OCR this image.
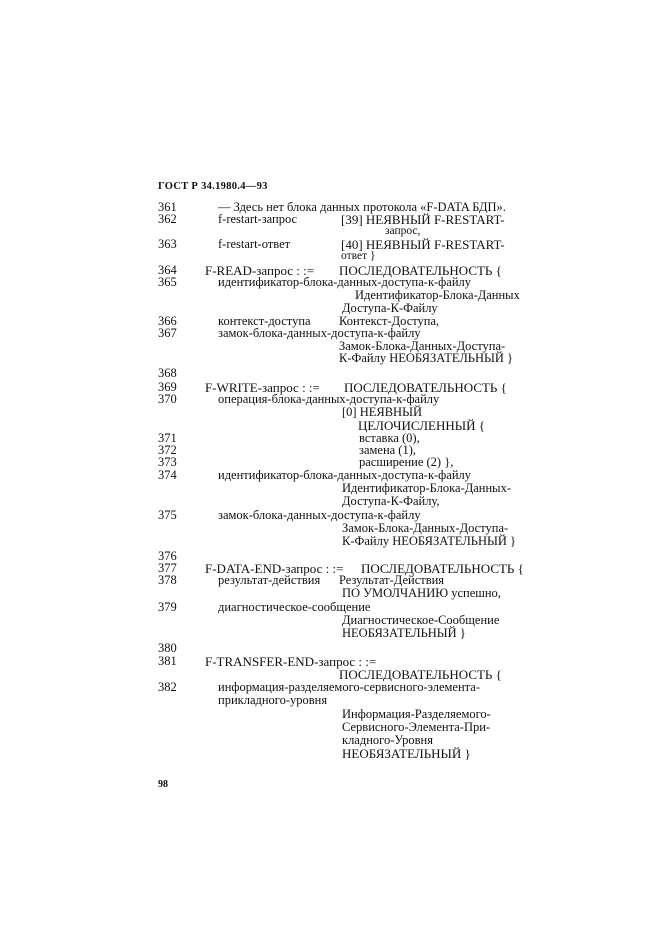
ГОСТ Р 34.1980.4—93
361	— Здесь нет блока данных протокола «F-DATA БДП».
362	f-restart-запрос	[39] НЕЯВНЫЙ F-RESTART-
запрос,
363	f-restart-ответ	[40] НЕЯВНЫЙ F-RESTART-
ответ }
364 F-READ-запрос : := ПОСЛЕДОВАТЕЛЬНОСТЬ {
365	идентификатор-блока-данных-доступа-к-файлу
Идентификатор-Блока-Данных
Доступа-К-Файлу
366	контекст-доступа Контекст-Доступа,
367	замок-блока-данных-доступа-к-файлу
Замок-Блока-Данных-Доступа-
К-Файлу НЕОБЯЗАТЕЛЬНЫЙ }
368
369 F-WRITE-запрос : := ПОСЛЕДОВАТЕЛЬНОСТЬ {
370	операция-блока-данных-доступа-к-файлу
[0] НЕЯВНЫЙ
ЦЕЛОЧИСЛЕННЫЙ {
371	вставка (0),
372	замена (1),
373	расширение (2) },
374	идентификатор-блока-данных-доступа-к-файлу
Идентификатор-Блока-Данных-
Доступа-К-Файлу,
375	замок-блока-данных-доступа-к-файлу
Замок-Блока-Данных-Доступа-
К-Файлу НЕОБЯЗАТЕЛЬНЫЙ }
376
377 F-DATA-END-запрос : := ПОСЛЕДОВАТЕЛЬНОСТЬ {
378	результат-действия Результат-Действия
ПО УМОЛЧАНИЮ успешно,
379	диагностическое-сообщение
Диагностическое-Сообщение
НЕОБЯЗАТЕЛЬНЫЙ }
380
381 F-TRANSFER-END-запрос : :=
ПОСЛЕДОВАТЕЛЬНОСТЬ {
382	информация-разделяемого-сервисного-элемента-
прикладного-уровня
Информация-Разделяемого-
Сервисного-Элемента-При-
кладного-Уровня
НЕОБЯЗАТЕЛЬНЫЙ }
98
